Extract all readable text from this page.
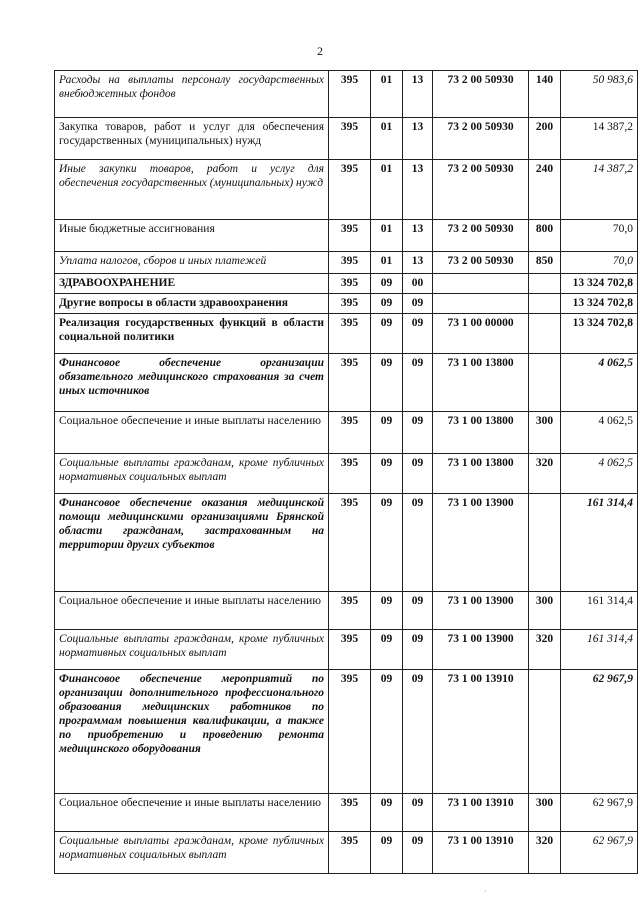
2
Расходы на выплаты персоналу государственных внебюджетных фондов	395	01	13	73 2 00 50930	140	50 983,6
Закупка товаров, работ и услуг для обеспечения государственных (муниципальных) нужд	395	01	13	73 2 00 50930	200	14 387,2
Иные закупки товаров, работ и услуг для обеспечения государственных (муниципальных) нужд	395	01	13	73 2 00 50930	240	14 387,2
Иные бюджетные ассигнования	395	01	13	73 2 00 50930	800	70,0
Уплата налогов, сборов и иных платежей	395	01	13	73 2 00 50930	850	70,0
ЗДРАВООХРАНЕНИЕ	395	09	00			13 324 702,8
Другие вопросы в области здравоохранения	395	09	09			13 324 702,8
Реализация государственных функций в области социальной политики	395	09	09	73 1 00 00000		13 324 702,8
Финансовое обеспечение организации обязательного медицинского страхования за счет иных источников	395	09	09	73 1 00 13800		4 062,5
Социальное обеспечение и иные выплаты населению	395	09	09	73 1 00 13800	300	4 062,5
Социальные выплаты гражданам, кроме публичных нормативных социальных выплат	395	09	09	73 1 00 13800	320	4 062,5
Финансовое обеспечение оказания медицинской помощи медицинскими организациями Брянской области гражданам, застрахованным на территории других субъектов	395	09	09	73 1 00 13900		161 314,4
Социальное обеспечение и иные выплаты населению	395	09	09	73 1 00 13900	300	161 314,4
Социальные выплаты гражданам, кроме публичных нормативных социальных выплат	395	09	09	73 1 00 13900	320	161 314,4
Финансовое обеспечение мероприятий по организации дополнительного профессионального образования медицинских работников по программам повышения квалификации, а также по приобретению и проведению ремонта медицинского оборудования	395	09	09	73 1 00 13910		62 967,9
Социальное обеспечение и иные выплаты населению	395	09	09	73 1 00 13910	300	62 967,9
Социальные выплаты гражданам, кроме публичных нормативных социальных выплат	395	09	09	73 1 00 13910	320	62 967,9
·
